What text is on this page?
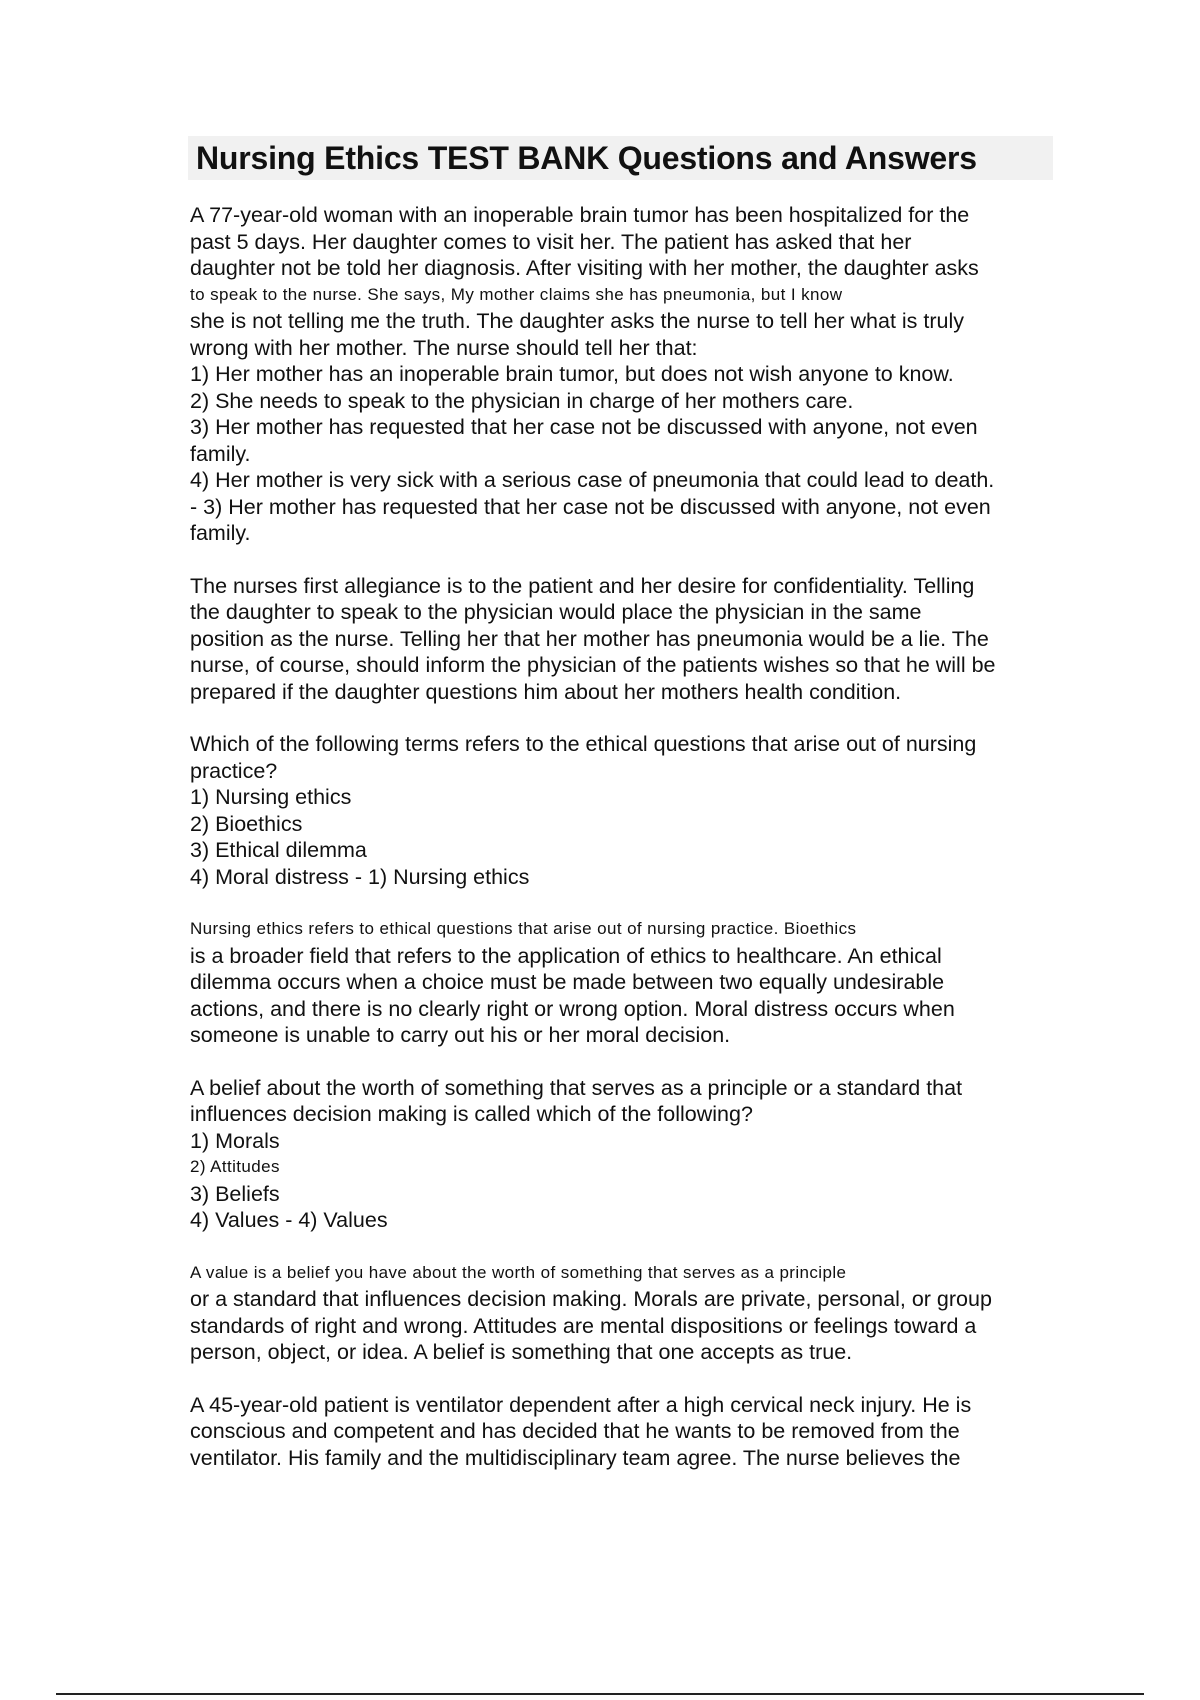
Nursing Ethics TEST BANK Questions and Answers
A 77-year-old woman with an inoperable brain tumor has been hospitalized for the
past 5 days. Her daughter comes to visit her. The patient has asked that her
daughter not be told her diagnosis. After visiting with her mother, the daughter asks
to speak to the nurse. She says, My mother claims she has pneumonia, but I know
she is not telling me the truth. The daughter asks the nurse to tell her what is truly
wrong with her mother. The nurse should tell her that:
1) Her mother has an inoperable brain tumor, but does not wish anyone to know.
2) She needs to speak to the physician in charge of her mothers care.
3) Her mother has requested that her case not be discussed with anyone, not even
family.
4) Her mother is very sick with a serious case of pneumonia that could lead to death.
- 3) Her mother has requested that her case not be discussed with anyone, not even
family.
The nurses first allegiance is to the patient and her desire for confidentiality. Telling
the daughter to speak to the physician would place the physician in the same
position as the nurse. Telling her that her mother has pneumonia would be a lie. The
nurse, of course, should inform the physician of the patients wishes so that he will be
prepared if the daughter questions him about her mothers health condition.
Which of the following terms refers to the ethical questions that arise out of nursing
practice?
1) Nursing ethics
2) Bioethics
3) Ethical dilemma
4) Moral distress - 1) Nursing ethics
Nursing ethics refers to ethical questions that arise out of nursing practice. Bioethics
is a broader field that refers to the application of ethics to healthcare. An ethical
dilemma occurs when a choice must be made between two equally undesirable
actions, and there is no clearly right or wrong option. Moral distress occurs when
someone is unable to carry out his or her moral decision.
A belief about the worth of something that serves as a principle or a standard that
influences decision making is called which of the following?
1) Morals
2) Attitudes
3) Beliefs
4) Values - 4) Values
A value is a belief you have about the worth of something that serves as a principle
or a standard that influences decision making. Morals are private, personal, or group
standards of right and wrong. Attitudes are mental dispositions or feelings toward a
person, object, or idea. A belief is something that one accepts as true.
A 45-year-old patient is ventilator dependent after a high cervical neck injury. He is
conscious and competent and has decided that he wants to be removed from the
ventilator. His family and the multidisciplinary team agree. The nurse believes the
